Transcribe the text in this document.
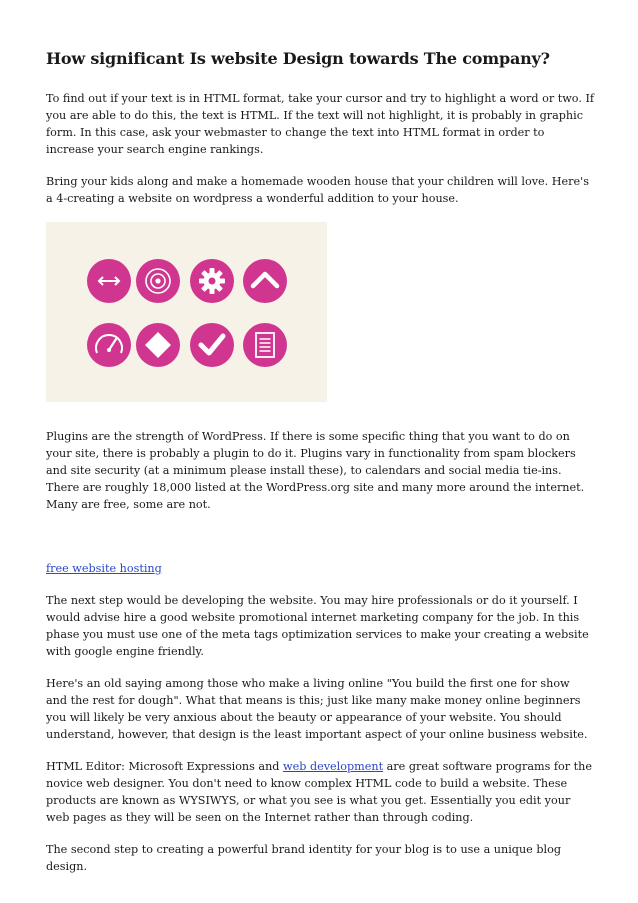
How significant Is website Design towards The company?

To find out if your text is in HTML format, take your cursor and try to highlight a word or two. If you are able to do this, the text is HTML. If the text will not highlight, it is probably in graphic form. In this case, ask your webmaster to change the text into HTML format in order to increase your search engine rankings.

Bring your kids along and make a homemade wooden house that your children will love. Here's a 4-creating a website on wordpress a wonderful addition to your house.

Plugins are the strength of WordPress. If there is some specific thing that you want to do on your site, there is probably a plugin to do it. Plugins vary in functionality from spam blockers and site security (at a minimum please install these), to calendars and social media tie-ins. There are roughly 18,000 listed at the WordPress.org site and many more around the internet. Many are free, some are not.

free website hosting

The next step would be developing the website. You may hire professionals or do it yourself. I would advise hire a good website promotional internet marketing company for the job. In this phase you must use one of the meta tags optimization services to make your creating a website with google engine friendly.

Here's an old saying among those who make a living online "You build the first one for show and the rest for dough". What that means is this; just like many make money online beginners you will likely be very anxious about the beauty or appearance of your website. You should understand, however, that design is the least important aspect of your online business website.

HTML Editor: Microsoft Expressions and web development are great software programs for the novice web designer. You don't need to know complex HTML code to build a website. These products are known as WYSIWYS, or what you see is what you get. Essentially you edit your web pages as they will be seen on the Internet rather than through coding.

The second step to creating a powerful brand identity for your blog is to use a unique blog design.
